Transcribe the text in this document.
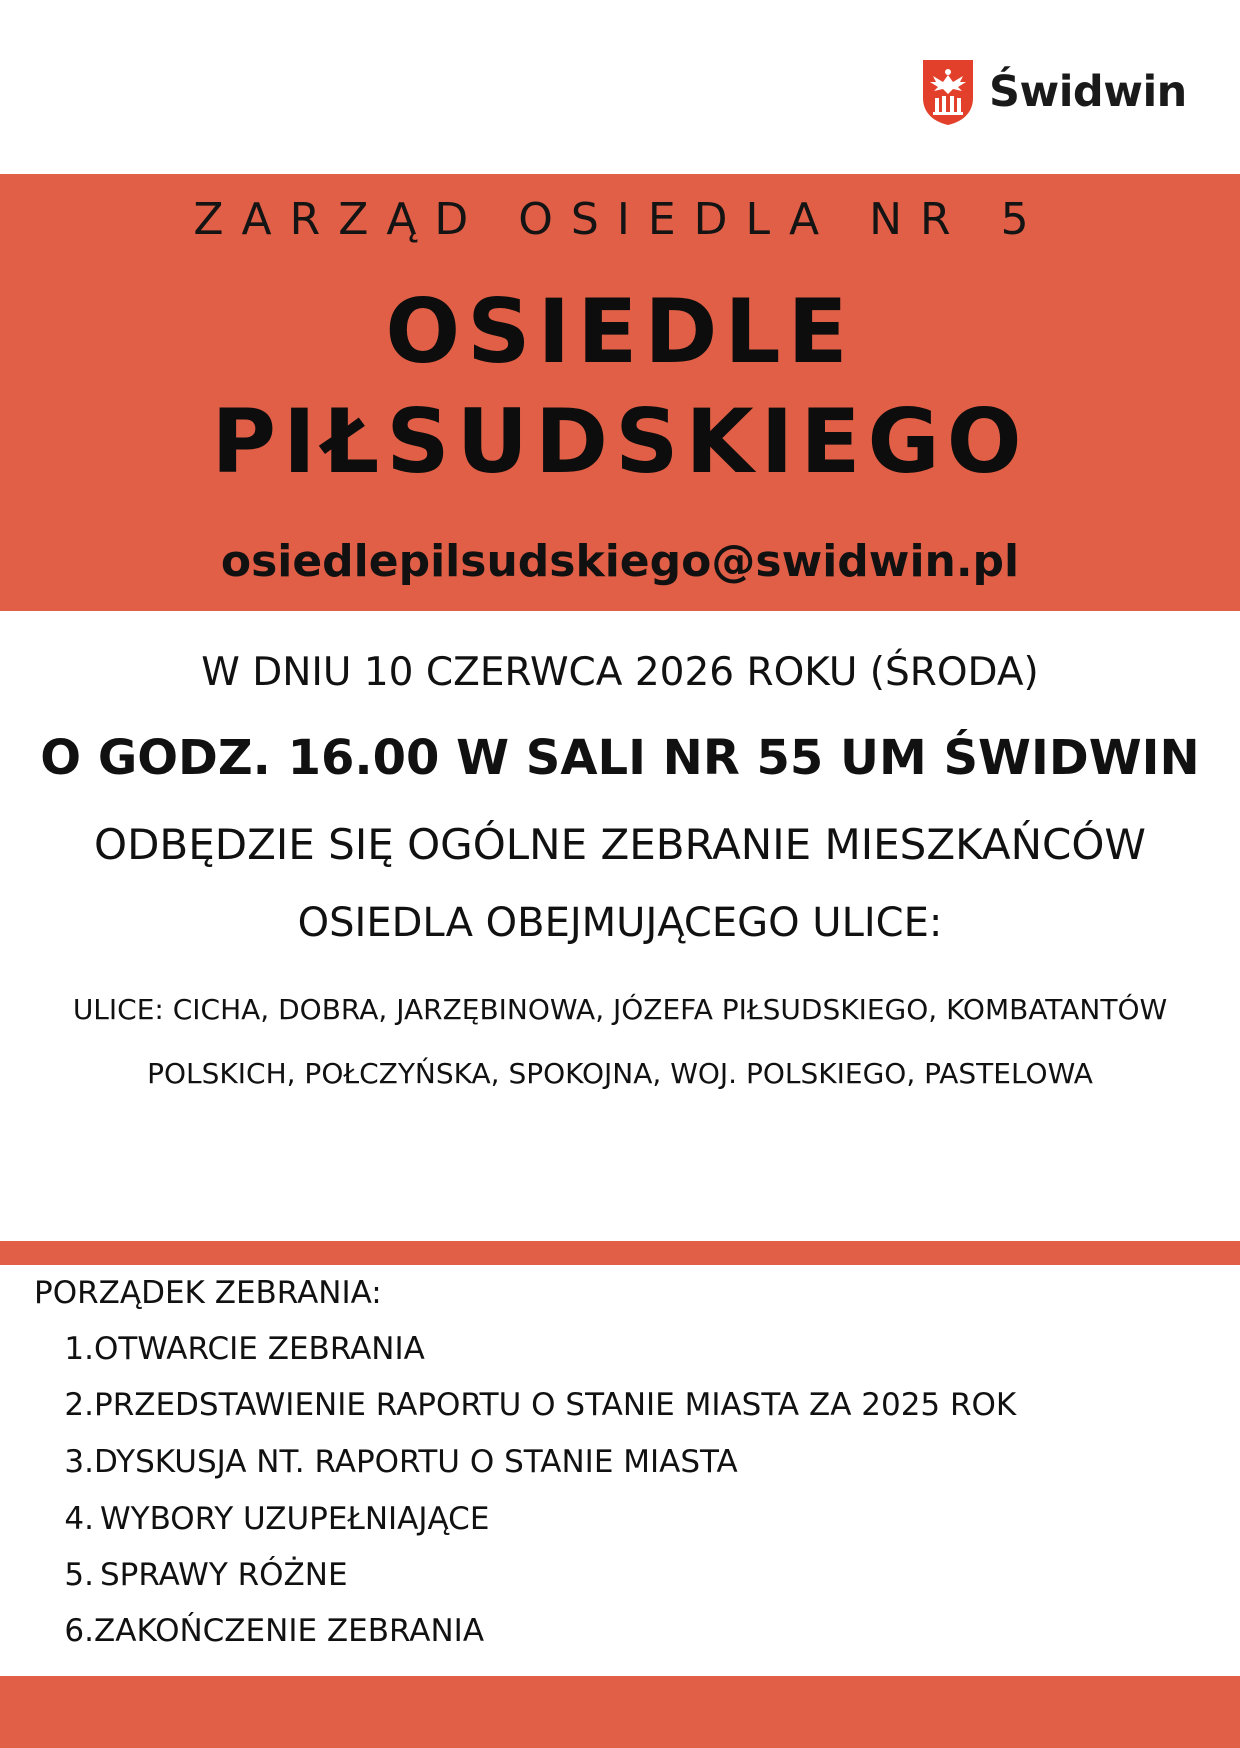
Świdwin
ZARZĄD OSIEDLA NR 5
OSIEDLE
PIŁSUDSKIEGO
osiedlepilsudskiego@swidwin.pl
W DNIU 10 CZERWCA 2026 ROKU (ŚRODA)
O GODZ. 16.00 W SALI NR 55 UM ŚWIDWIN
ODBĘDZIE SIĘ OGÓLNE ZEBRANIE MIESZKAŃCÓW
OSIEDLA OBEJMUJĄCEGO ULICE:
ULICE: CICHA, DOBRA, JARZĘBINOWA, JÓZEFA PIŁSUDSKIEGO, KOMBATANTÓW POLSKICH, POŁCZYŃSKA, SPOKOJNA, WOJ. POLSKIEGO, PASTELOWA
PORZĄDEK ZEBRANIA:
1. OTWARCIE ZEBRANIA
2. PRZEDSTAWIENIE RAPORTU O STANIE MIASTA ZA 2025 ROK
3. DYSKUSJA NT. RAPORTU O STANIE MIASTA
4. WYBORY UZUPEŁNIAJĄCE
5. SPRAWY RÓŻNE
6. ZAKOŃCZENIE ZEBRANIA
